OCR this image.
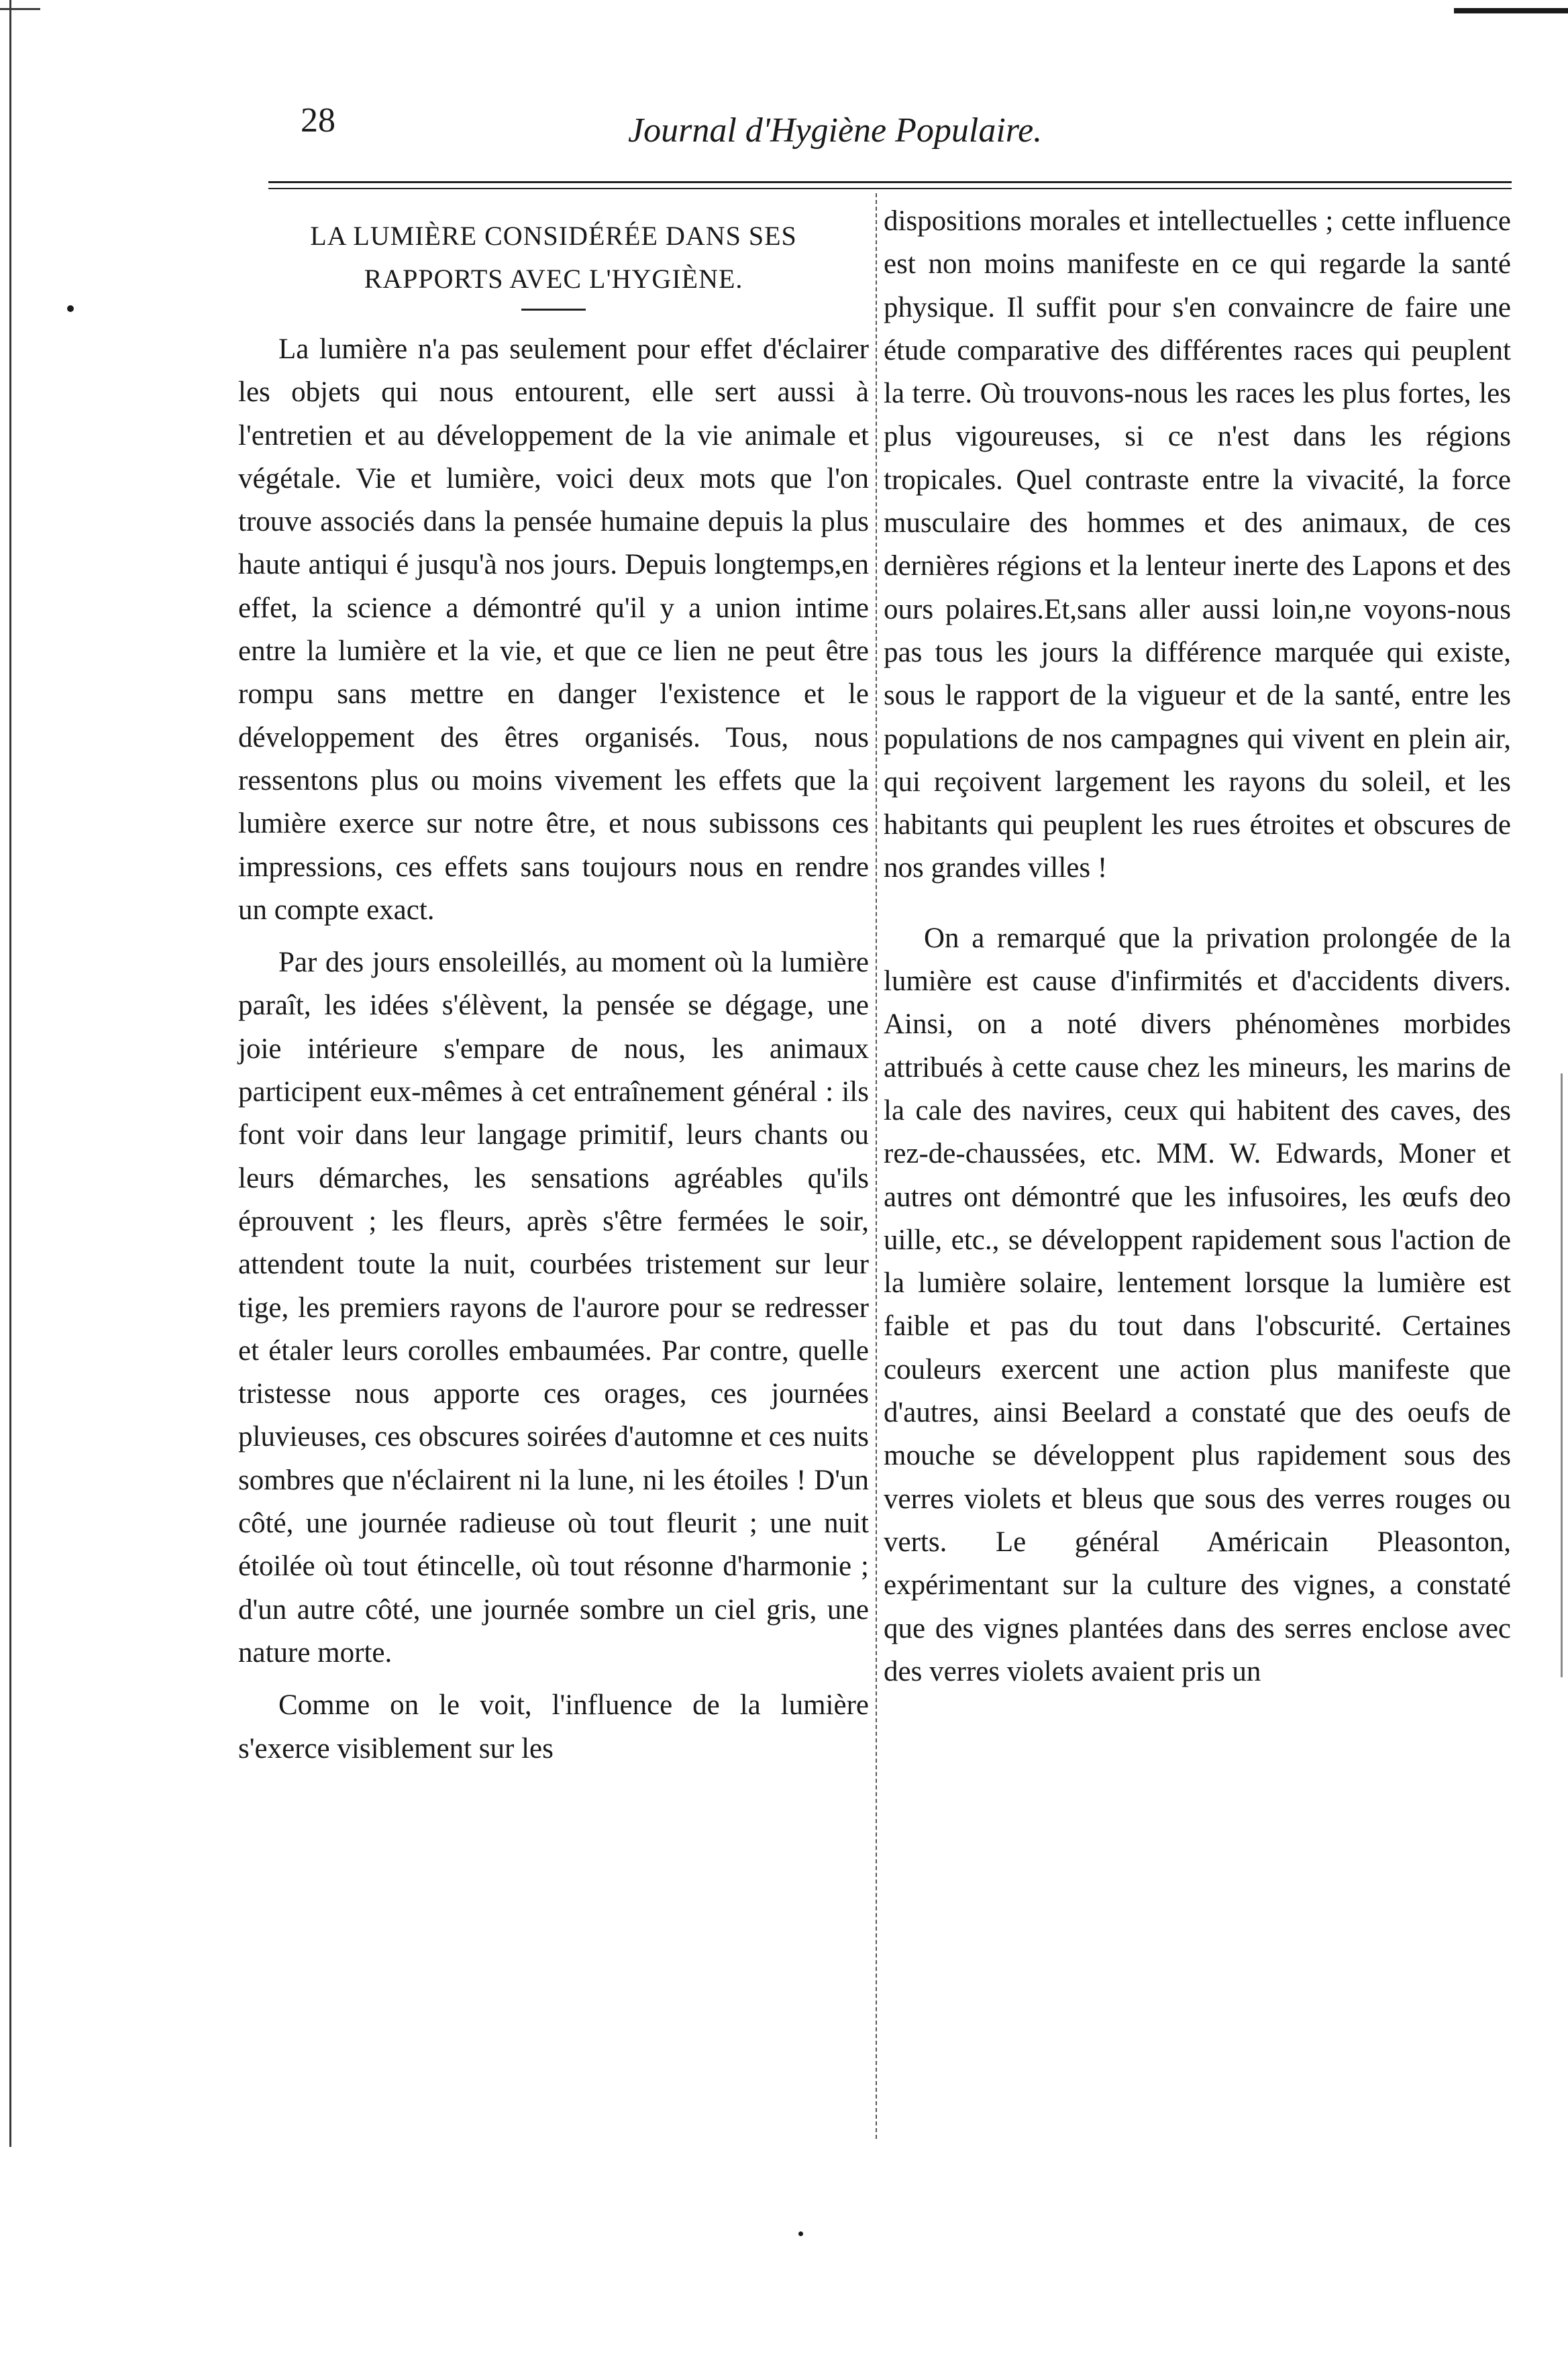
28	Journal d'Hygiène Populaire.
LA LUMIÈRE CONSIDÉRÉE DANS SES
RAPPORTS AVEC L'HYGIÈNE.

La lumière n'a pas seulement pour effet d'éclairer les objets qui nous entourent, elle sert aussi à l'entretien et au développement de la vie animale et végétale. Vie et lumière, voici deux mots que l'on trouve associés dans la pensée humaine depuis la plus haute antiqui é jusqu'à nos jours. Depuis longtemps,en effet, la science a démontré qu'il y a union intime entre la lumière et la vie, et que ce lien ne peut être rompu sans mettre en danger l'existence et le développement des êtres organisés. Tous, nous ressentons plus ou moins vivement les effets que la lumière exerce sur notre être, et nous subissons ces impressions, ces effets sans toujours nous en rendre un compte exact.

Par des jours ensoleillés, au moment où la lumière paraît, les idées s'élèvent, la pensée se dégage, une joie intérieure s'empare de nous, les animaux participent eux-mêmes à cet entraînement général : ils font voir dans leur langage primitif, leurs chants ou leurs démarches, les sensations agréables qu'ils éprouvent ; les fleurs, après s'être fermées le soir, attendent toute la nuit, courbées tristement sur leur tige, les premiers rayons de l'aurore pour se redresser et étaler leurs corolles embaumées. Par contre, quelle tristesse nous apporte ces orages, ces journées pluvieuses, ces obscures soirées d'automne et ces nuits sombres que n'éclairent ni la lune, ni les étoiles ! D'un côté, une journée radieuse où tout fleurit ; une nuit étoilée où tout étincelle, où tout résonne d'harmonie ; d'un autre côté, une journée sombre un ciel gris, une nature morte.

Comme on le voit, l'influence de la lumière s'exerce visiblement sur les

dispositions morales et intellectuelles ; cette influence est non moins manifeste en ce qui regarde la santé physique. Il suffit pour s'en convaincre de faire une étude comparative des différentes races qui peuplent la terre. Où trouvons-nous les races les plus fortes, les plus vigoureuses, si ce n'est dans les régions tropicales. Quel contraste entre la vivacité, la force musculaire des hommes et des animaux, de ces dernières régions et la lenteur inerte des Lapons et des ours polaires.Et,sans aller aussi loin,ne voyons-nous pas tous les jours la différence marquée qui existe, sous le rapport de la vigueur et de la santé, entre les populations de nos campagnes qui vivent en plein air, qui reçoivent largement les rayons du soleil, et les habitants qui peuplent les rues étroites et obscures de nos grandes villes !

On a remarqué que la privation prolongée de la lumière est cause d'infirmités et d'accidents divers. Ainsi, on a noté divers phénomènes morbides attribués à cette cause chez les mineurs, les marins de la cale des navires, ceux qui habitent des caves, des rez-de-chaussées, etc. MM. W. Edwards, Moner et autres ont démontré que les infusoires, les œufs deo uille, etc., se développent rapidement sous l'action de la lumière solaire, lentement lorsque la lumière est faible et pas du tout dans l'obscurité. Certaines couleurs exercent une action plus manifeste que d'autres, ainsi Beelard a constaté que des oeufs de mouche se développent plus rapidement sous des verres violets et bleus que sous des verres rouges ou verts. Le général Américain Pleasonton, expérimentant sur la culture des vignes, a constaté que des vignes plantées dans des serres enclose avec des verres violets avaient pris un
